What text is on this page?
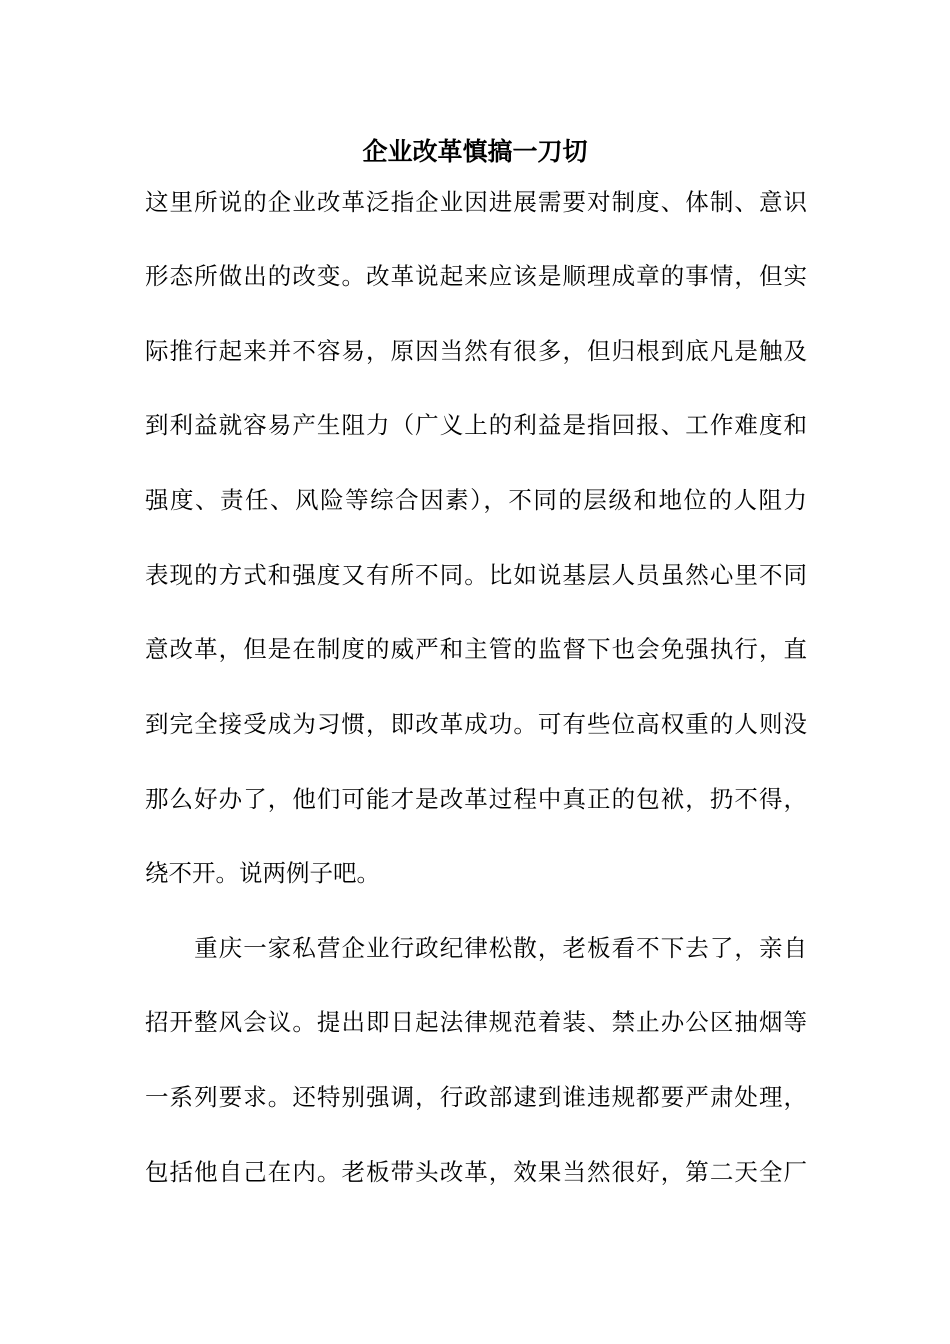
企业改革慎搞一刀切

这里所说的企业改革泛指企业因进展需要对制度、体制、意识

形态所做出的改变。改革说起来应该是顺理成章的事情，但实

际推行起来并不容易，原因当然有很多，但归根到底凡是触及

到利益就容易产生阻力（广义上的利益是指回报、工作难度和

强度、责任、风险等综合因素），不同的层级和地位的人阻力

表现的方式和强度又有所不同。比如说基层人员虽然心里不同

意改革，但是在制度的威严和主管的监督下也会免强执行，直

到完全接受成为习惯，即改革成功。可有些位高权重的人则没

那么好办了，他们可能才是改革过程中真正的包袱，扔不得，

绕不开。说两例子吧。

　　重庆一家私营企业行政纪律松散，老板看不下去了，亲自

招开整风会议。提出即日起法律规范着装、禁止办公区抽烟等

一系列要求。还特别强调，行政部逮到谁违规都要严肃处理，

包括他自己在内。老板带头改革，效果当然很好，第二天全厂
